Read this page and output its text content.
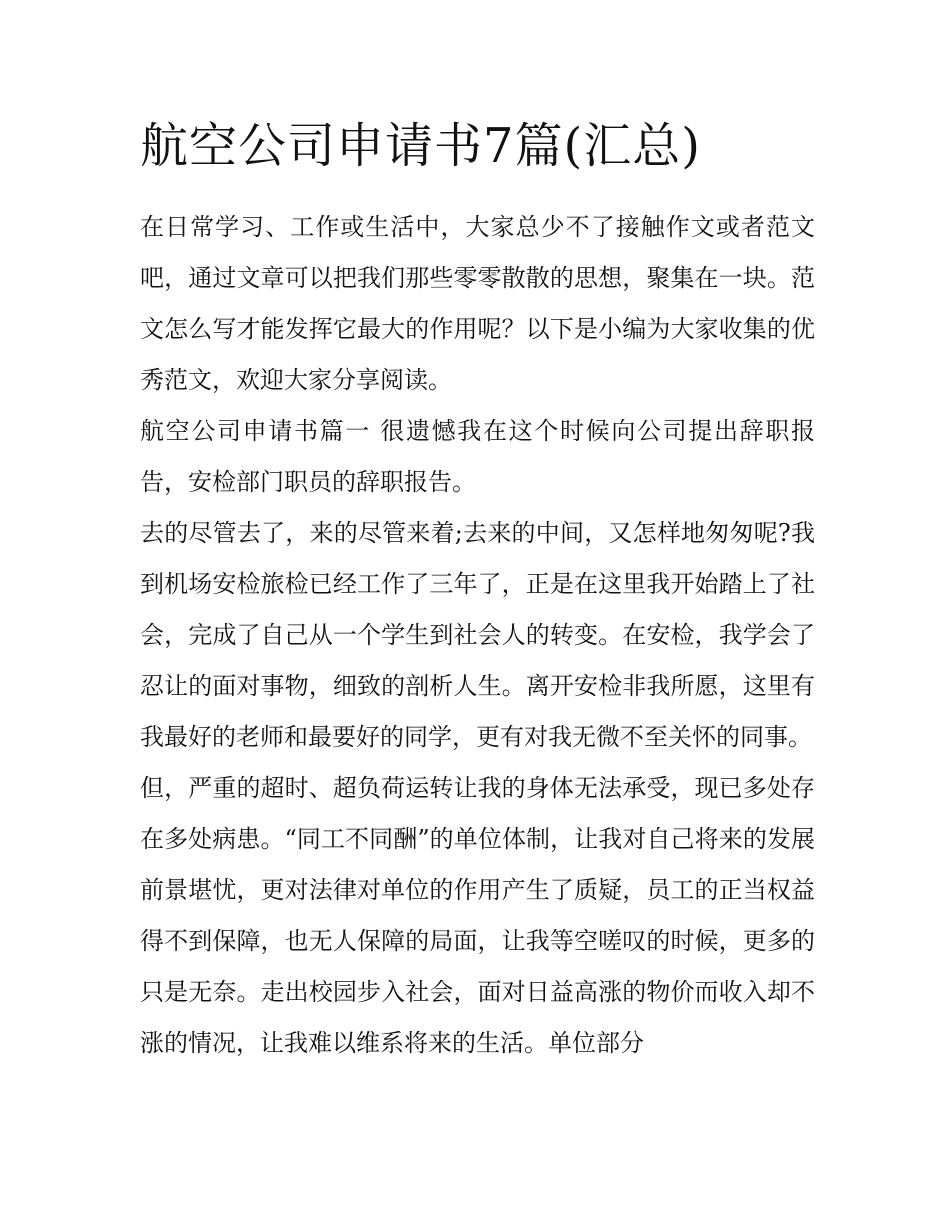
航空公司申请书7篇(汇总)

在日常学习、工作或生活中，大家总少不了接触作文或者范文吧，通过文章可以把我们那些零零散散的思想，聚集在一块。范文怎么写才能发挥它最大的作用呢？以下是小编为大家收集的优秀范文，欢迎大家分享阅读。

航空公司申请书篇一 很遗憾我在这个时候向公司提出辞职报告，安检部门职员的辞职报告。

去的尽管去了，来的尽管来着;去来的中间，又怎样地匆匆呢?我到机场安检旅检已经工作了三年了，正是在这里我开始踏上了社会，完成了自己从一个学生到社会人的转变。在安检，我学会了忍让的面对事物，细致的剖析人生。离开安检非我所愿，这里有我最好的老师和最要好的同学，更有对我无微不至关怀的同事。

但，严重的超时、超负荷运转让我的身体无法承受，现已多处存在多处病患。“同工不同酬”的单位体制，让我对自己将来的发展前景堪忧，更对法律对单位的作用产生了质疑，员工的正当权益得不到保障，也无人保障的局面，让我等空嗟叹的时候，更多的只是无奈。走出校园步入社会，面对日益高涨的物价而收入却不涨的情况，让我难以维系将来的生活。单位部分
